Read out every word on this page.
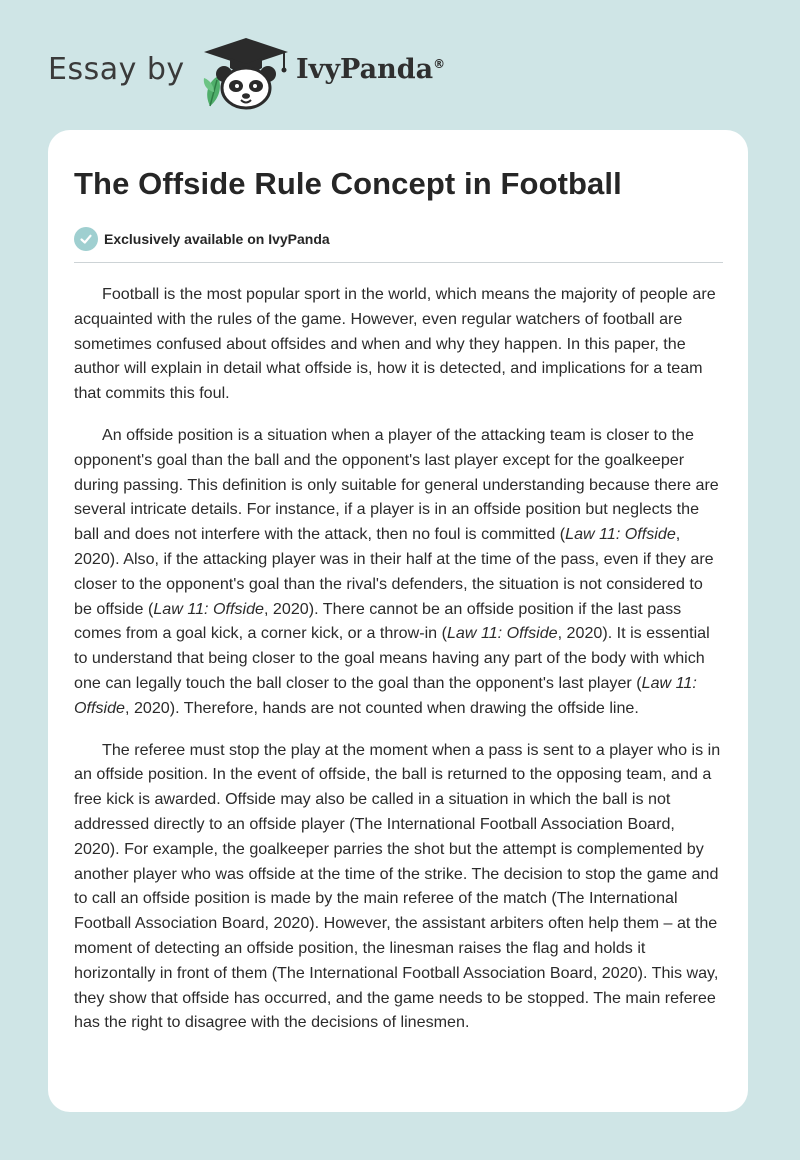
Essay by	IvyPanda®
The Offside Rule Concept in Football
Exclusively available on IvyPanda

Football is the most popular sport in the world, which means the majority of people are acquainted with the rules of the game. However, even regular watchers of football are sometimes confused about offsides and when and why they happen. In this paper, the author will explain in detail what offside is, how it is detected, and implications for a team that commits this foul.

An offside position is a situation when a player of the attacking team is closer to the opponent's goal than the ball and the opponent's last player except for the goalkeeper during passing. This definition is only suitable for general understanding because there are several intricate details. For instance, if a player is in an offside position but neglects the ball and does not interfere with the attack, then no foul is committed (Law 11: Offside, 2020). Also, if the attacking player was in their half at the time of the pass, even if they are closer to the opponent's goal than the rival's defenders, the situation is not considered to be offside (Law 11: Offside, 2020). There cannot be an offside position if the last pass comes from a goal kick, a corner kick, or a throw-in (Law 11: Offside, 2020). It is essential to understand that being closer to the goal means having any part of the body with which one can legally touch the ball closer to the goal than the opponent's last player (Law 11: Offside, 2020). Therefore, hands are not counted when drawing the offside line.

The referee must stop the play at the moment when a pass is sent to a player who is in an offside position. In the event of offside, the ball is returned to the opposing team, and a free kick is awarded. Offside may also be called in a situation in which the ball is not addressed directly to an offside player (The International Football Association Board, 2020). For example, the goalkeeper parries the shot but the attempt is complemented by another player who was offside at the time of the strike. The decision to stop the game and to call an offside position is made by the main referee of the match (The International Football Association Board, 2020). However, the assistant arbiters often help them – at the moment of detecting an offside position, the linesman raises the flag and holds it horizontally in front of them (The International Football Association Board, 2020). This way, they show that offside has occurred, and the game needs to be stopped. The main referee has the right to disagree with the decisions of linesmen.
